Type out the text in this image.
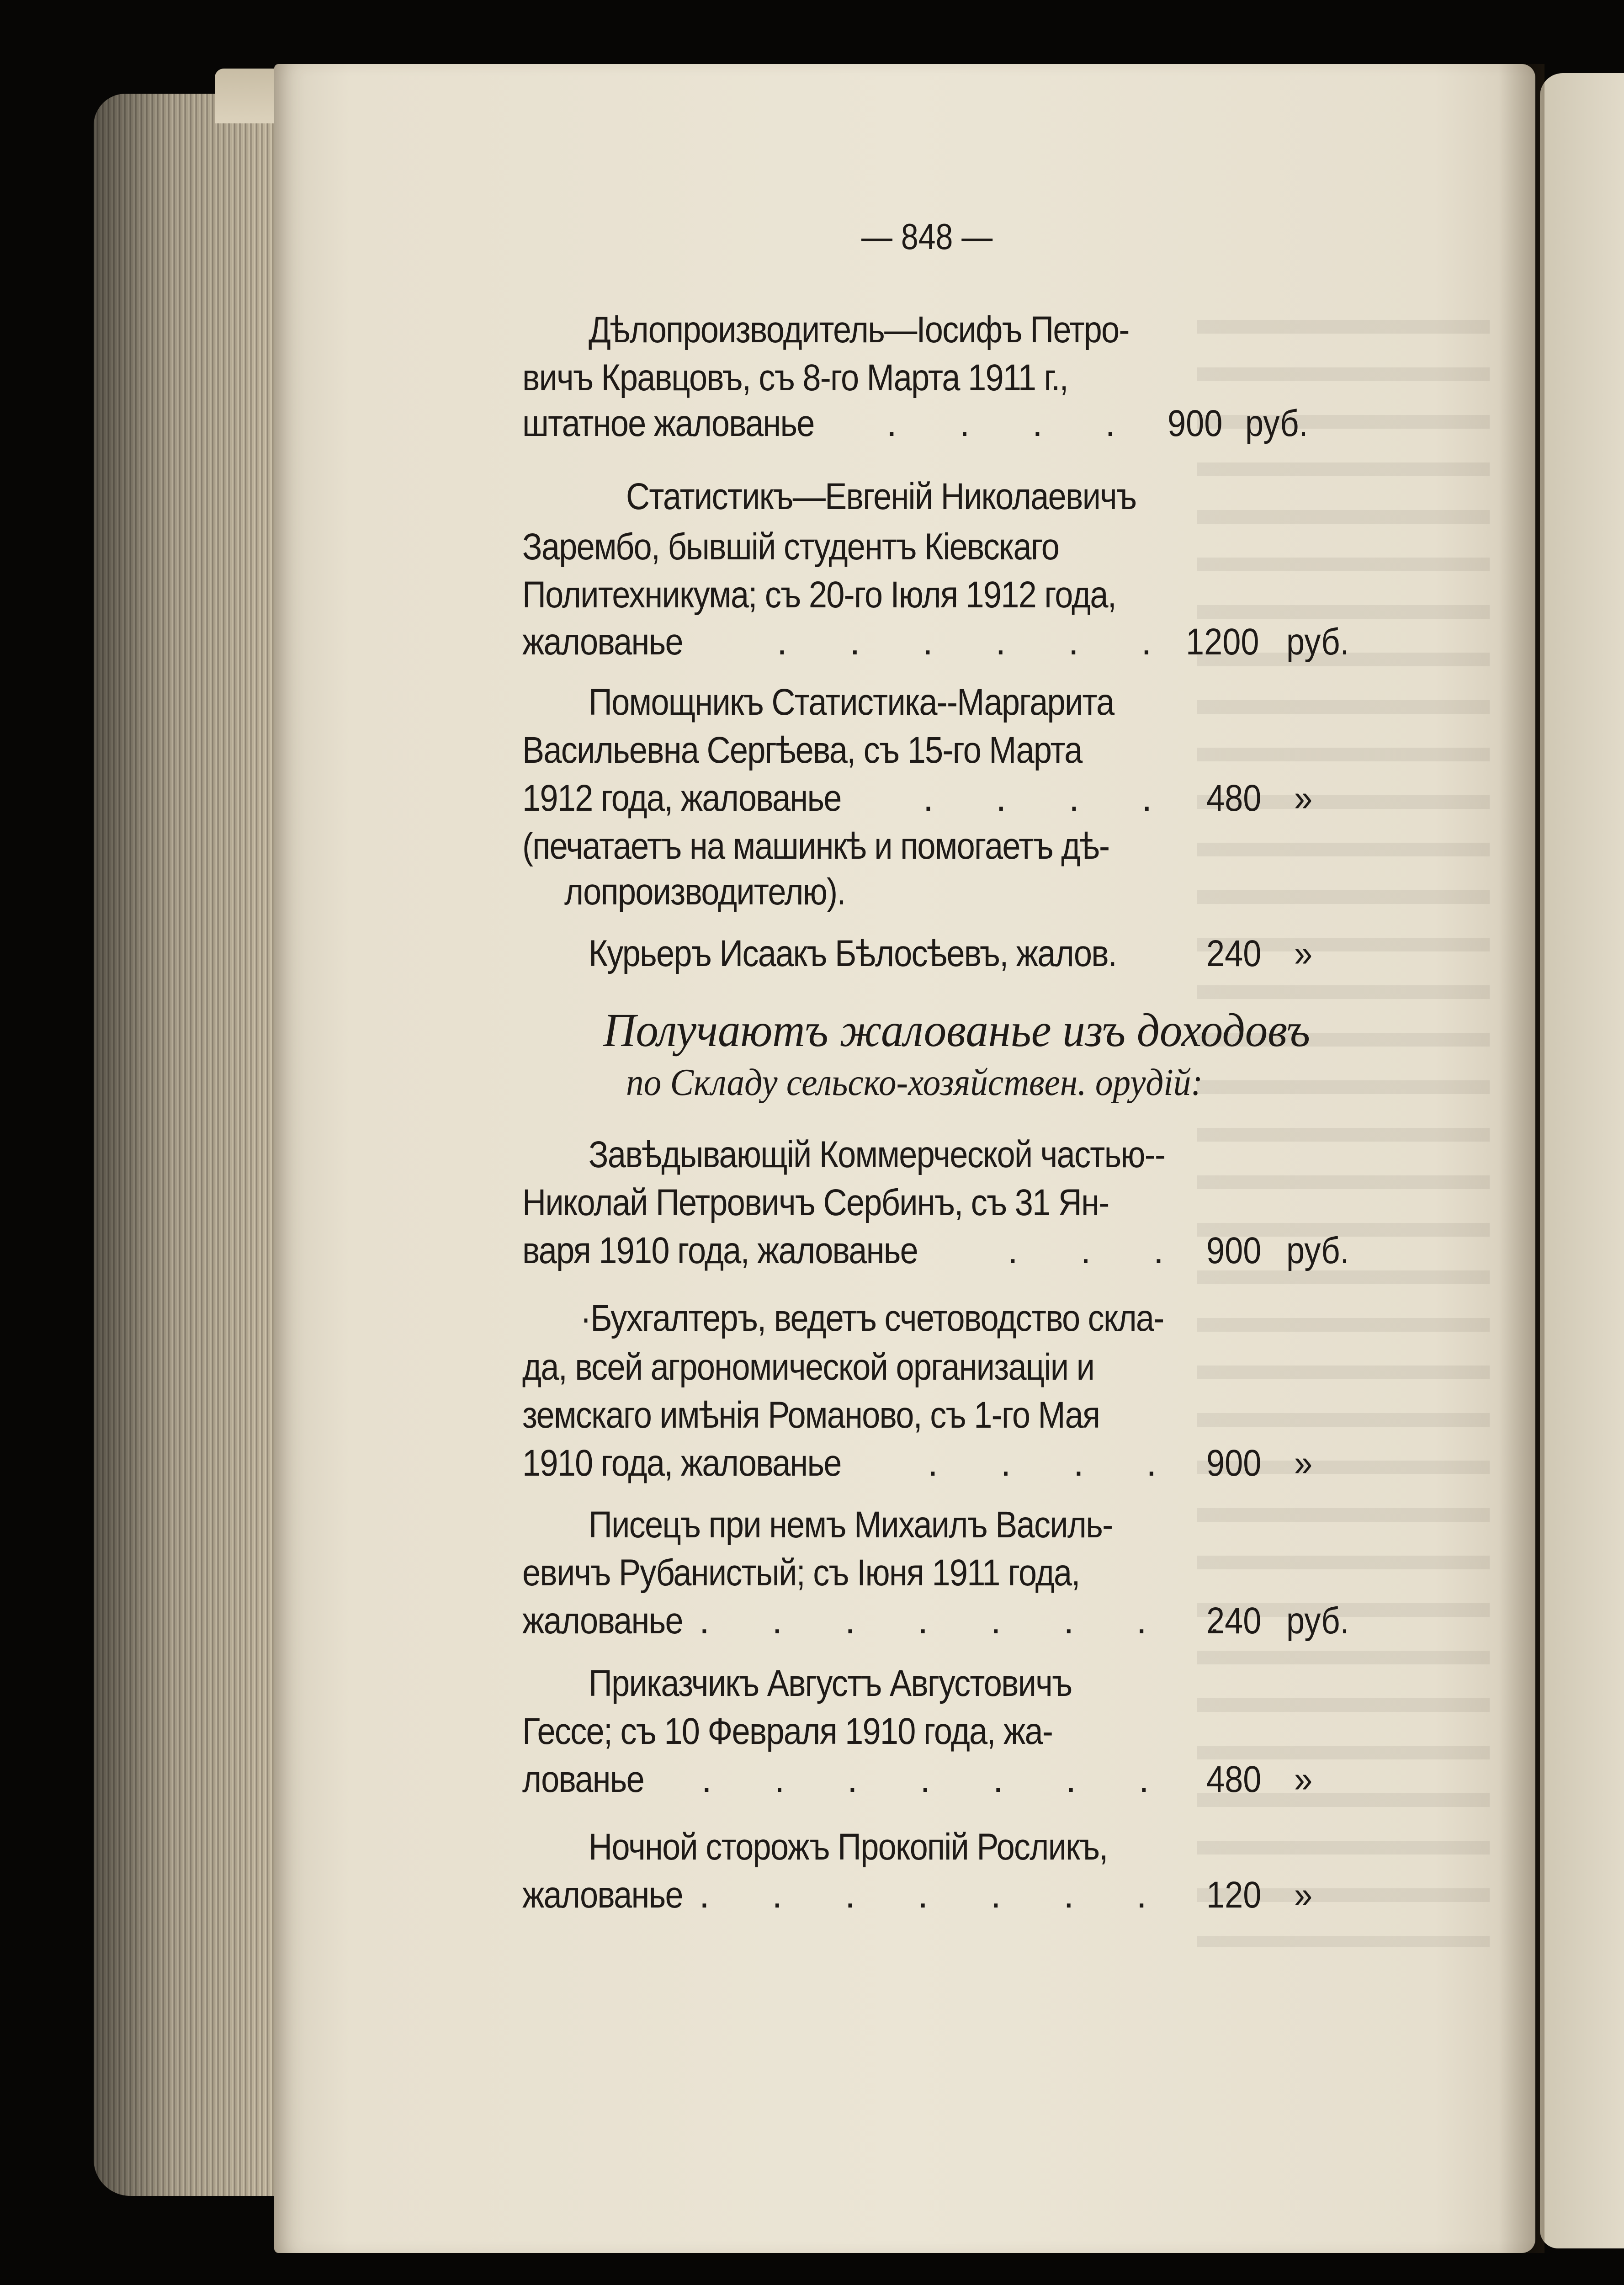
— 848 —
Дѣлопроизводитель—Іосифъ Петро-
вичъ Кравцовъ, съ 8-го Марта 1911 г.,
штатное жалованье .      .      .      . 900 руб.
Статистикъ—Евгеній Николаевичъ
Зарембо, бывшій студентъ Кіевскаго
Политехникума; съ 20-го Іюля 1912 года,
жалованье	.      .      .      .      .      . 1200 руб.
Помощникъ Статистика--Маргарита
Васильевна Сергѣева, съ 15-го Марта
1912 года, жалованье .      .      .      . 480 »
(печатаетъ на машинкѣ и помогаетъ дѣ-
лопроизводителю).
Курьеръ Исаакъ Бѣлосѣевъ, жалов. 240 »
Получаютъ жалованье изъ доходовъ
по Складу сельско-хозяйствен. орудій:
Завѣдывающій Коммерческой частью--
Николай Петровичъ Сербинъ, съ 31 Ян-
варя 1910 года, жалованье .      .      . 900 руб.
·Бухгалтеръ, ведетъ счетоводство скла-
да, всей агрономической организаціи и
земскаго имѣнія Романово, съ 1-го Мая
1910 года, жалованье .      .      .      . 900 »
Писецъ при немъ Михаилъ Василь-
евичъ Рубанистый; съ Іюня 1911 года,
жалованье .      .      .      .      .      .      .      .
240 руб.
Приказчикъ Августъ Августовичъ
Гессе; съ 10 Февраля 1910 года, жа-
лованье .      .      .      .      .      .      . 480 »
Ночной сторожъ Прокопій Росликъ,
жалованье .      .      .      .      .      .      . 120 »
